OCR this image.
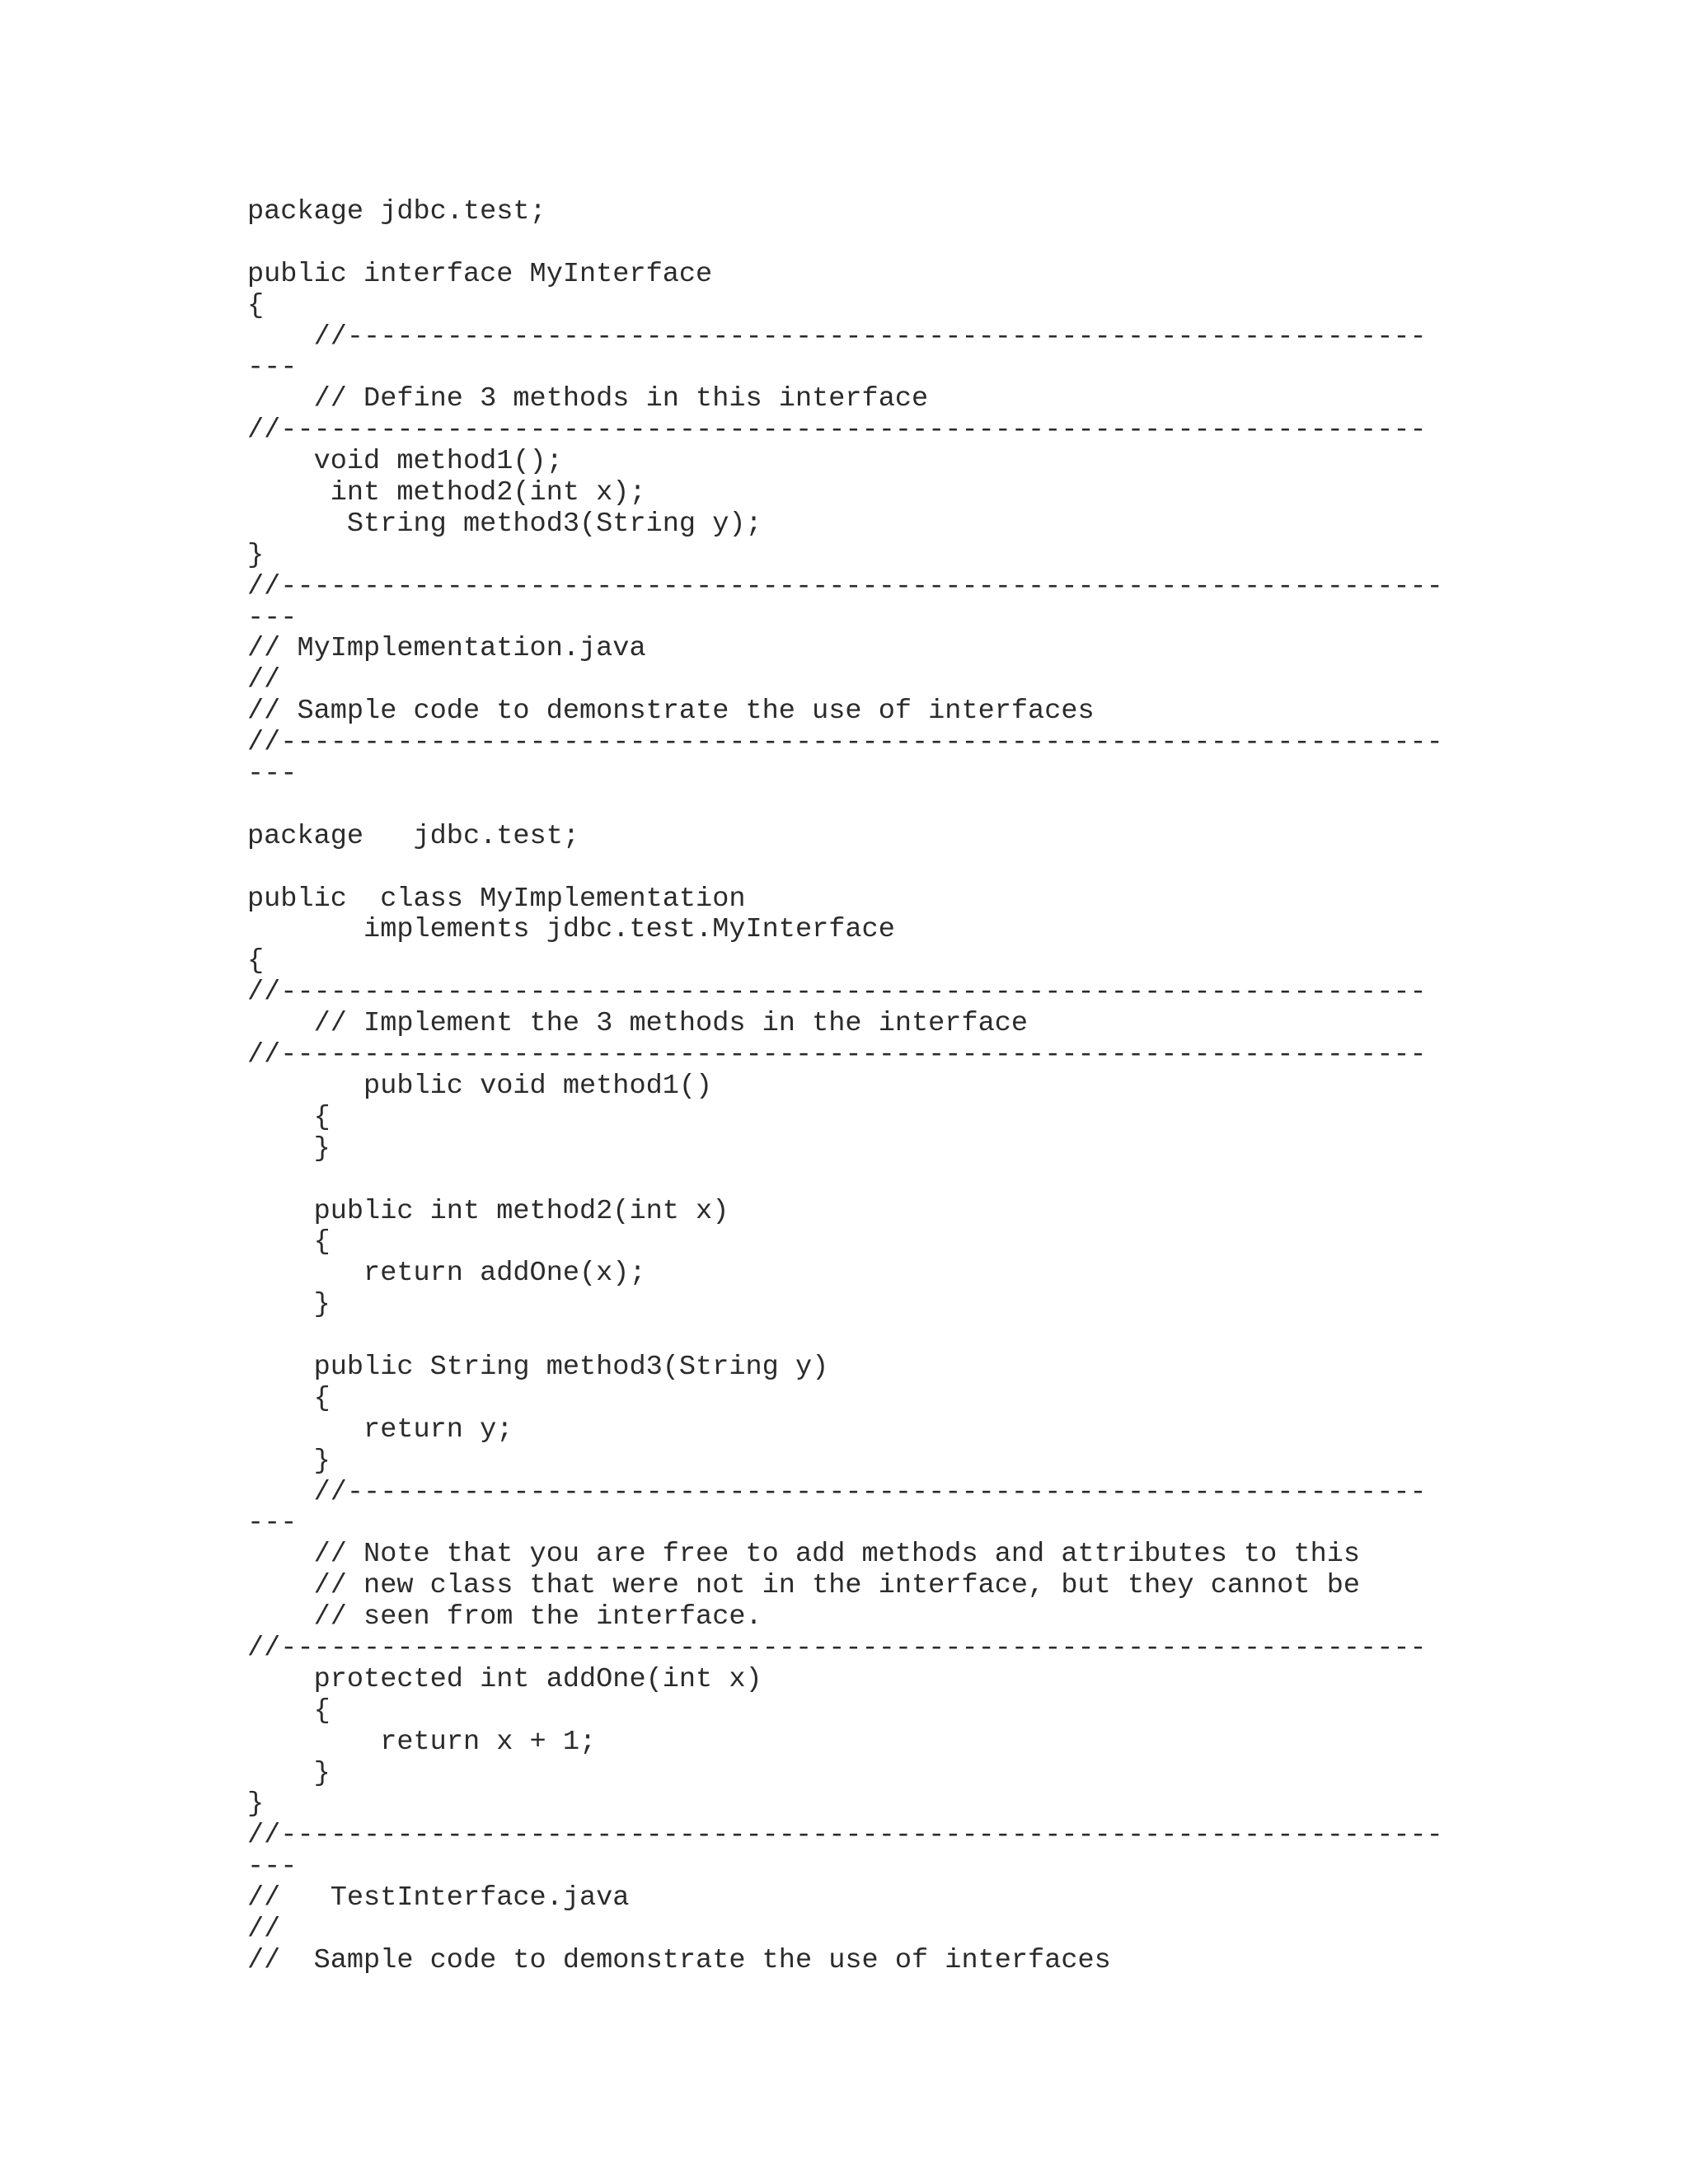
package jdbc.test;

public interface MyInterface
{
//-----------------------------------------------------------------
---
// Define 3 methods in this interface
//---------------------------------------------------------------------
void method1();
int method2(int x);
String method3(String y);
}
//----------------------------------------------------------------------
---
// MyImplementation.java
//
// Sample code to demonstrate the use of interfaces
//----------------------------------------------------------------------
---

package   jdbc.test;

public  class MyImplementation
implements jdbc.test.MyInterface
{
//---------------------------------------------------------------------
// Implement the 3 methods in the interface
//---------------------------------------------------------------------
public void method1()
{
}

public int method2(int x)
{
return addOne(x);
}

public String method3(String y)
{
return y;
}
//-----------------------------------------------------------------
---
// Note that you are free to add methods and attributes to this
// new class that were not in the interface, but they cannot be
// seen from the interface.
//---------------------------------------------------------------------
protected int addOne(int x)
{
return x + 1;
}
}
//----------------------------------------------------------------------
---
//   TestInterface.java
//
//  Sample code to demonstrate the use of interfaces
